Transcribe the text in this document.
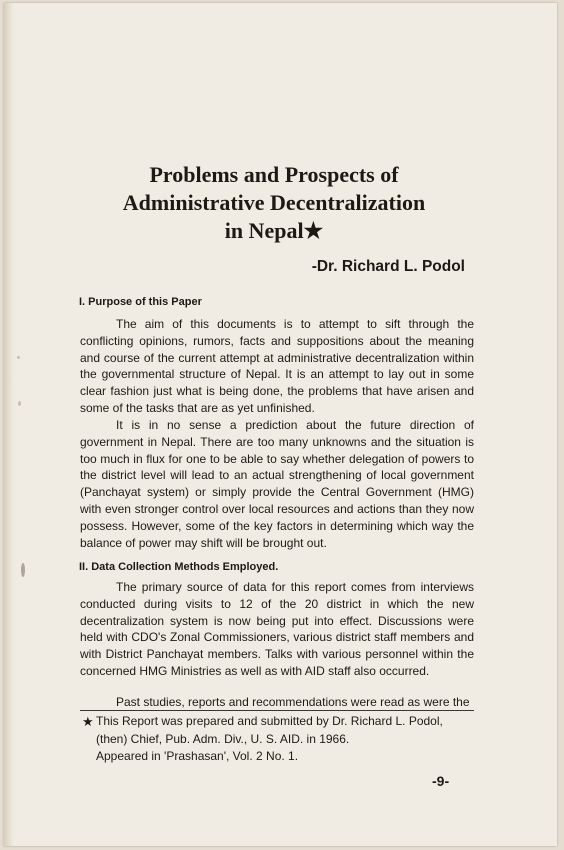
Problems and Prospects of
Administrative Decentralization
in Nepal★
-Dr. Richard L. Podol
I. Purpose of this Paper

The aim of this documents is to attempt to sift through the conflicting opinions, rumors, facts and suppositions about the meaning and course of the current attempt at administrative decentralization within the governmental structure of Nepal. It is an attempt to lay out in some clear fashion just what is being done, the problems that have arisen and some of the tasks that are as yet unfinished.

It is in no sense a prediction about the future direction of government in Nepal. There are too many unknowns and the situation is too much in flux for one to be able to say whether delegation of powers to the district level will lead to an actual strengthening of local government (Panchayat system) or simply provide the Central Government (HMG) with even stronger control over local resources and actions than they now possess. However, some of the key factors in determining which way the balance of power may shift will be brought out.

II. Data Collection Methods Employed.

The primary source of data for this report comes from interviews conducted during visits to 12 of the 20 district in which the new decentralization system is now being put into effect. Discussions were held with CDO's Zonal Commissioners, various district staff members and with District Panchayat members. Talks with various personnel within the concerned HMG Ministries as well as with AID staff also occurred.

Past studies, reports and recommendations were read as were the

★ This Report was prepared and submitted by Dr. Richard L. Podol,
(then) Chief, Pub. Adm. Div., U. S. AID. in 1966.
Appeared in 'Prashasan', Vol. 2 No. 1.
-9-
